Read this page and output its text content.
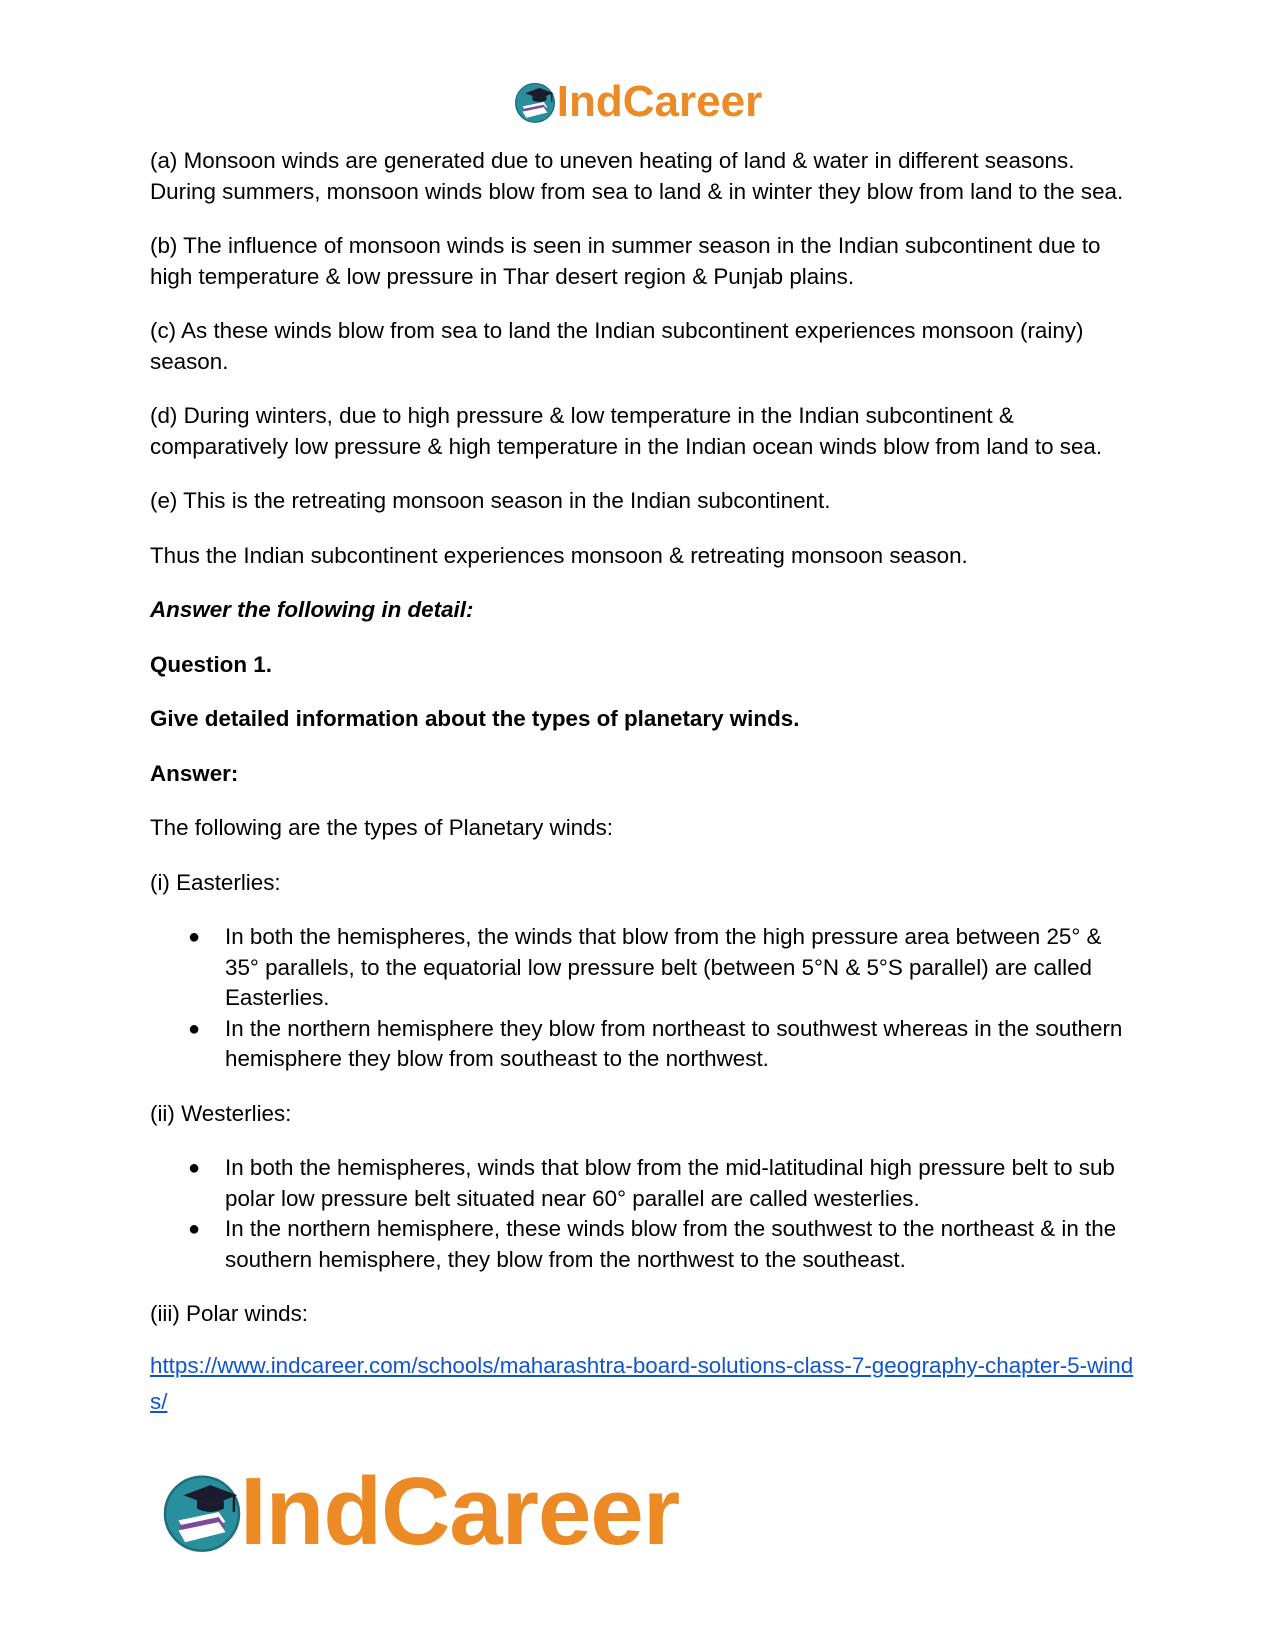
IndCareer

(a) Monsoon winds are generated due to uneven heating of land & water in different seasons. During summers, monsoon winds blow from sea to land & in winter they blow from land to the sea.

(b) The influence of monsoon winds is seen in summer season in the Indian subcontinent due to high temperature & low pressure in Thar desert region & Punjab plains.

(c) As these winds blow from sea to land the Indian subcontinent experiences monsoon (rainy) season.

(d) During winters, due to high pressure & low temperature in the Indian subcontinent & comparatively low pressure & high temperature in the Indian ocean winds blow from land to sea.

(e) This is the retreating monsoon season in the Indian subcontinent.

Thus the Indian subcontinent experiences monsoon & retreating monsoon season.

Answer the following in detail:

Question 1.

Give detailed information about the types of planetary winds.

Answer:

The following are the types of Planetary winds:

(i) Easterlies:

● In both the hemispheres, the winds that blow from the high pressure area between 25° & 35° parallels, to the equatorial low pressure belt (between 5°N & 5°S parallel) are called Easterlies.
● In the northern hemisphere they blow from northeast to southwest whereas in the southern hemisphere they blow from southeast to the northwest.

(ii) Westerlies:

● In both the hemispheres, winds that blow from the mid-latitudinal high pressure belt to sub polar low pressure belt situated near 60° parallel are called westerlies.
● In the northern hemisphere, these winds blow from the southwest to the northeast & in the southern hemisphere, they blow from the northwest to the southeast.

(iii) Polar winds:

https://www.indcareer.com/schools/maharashtra-board-solutions-class-7-geography-chapter-5-winds/
IndCareer
